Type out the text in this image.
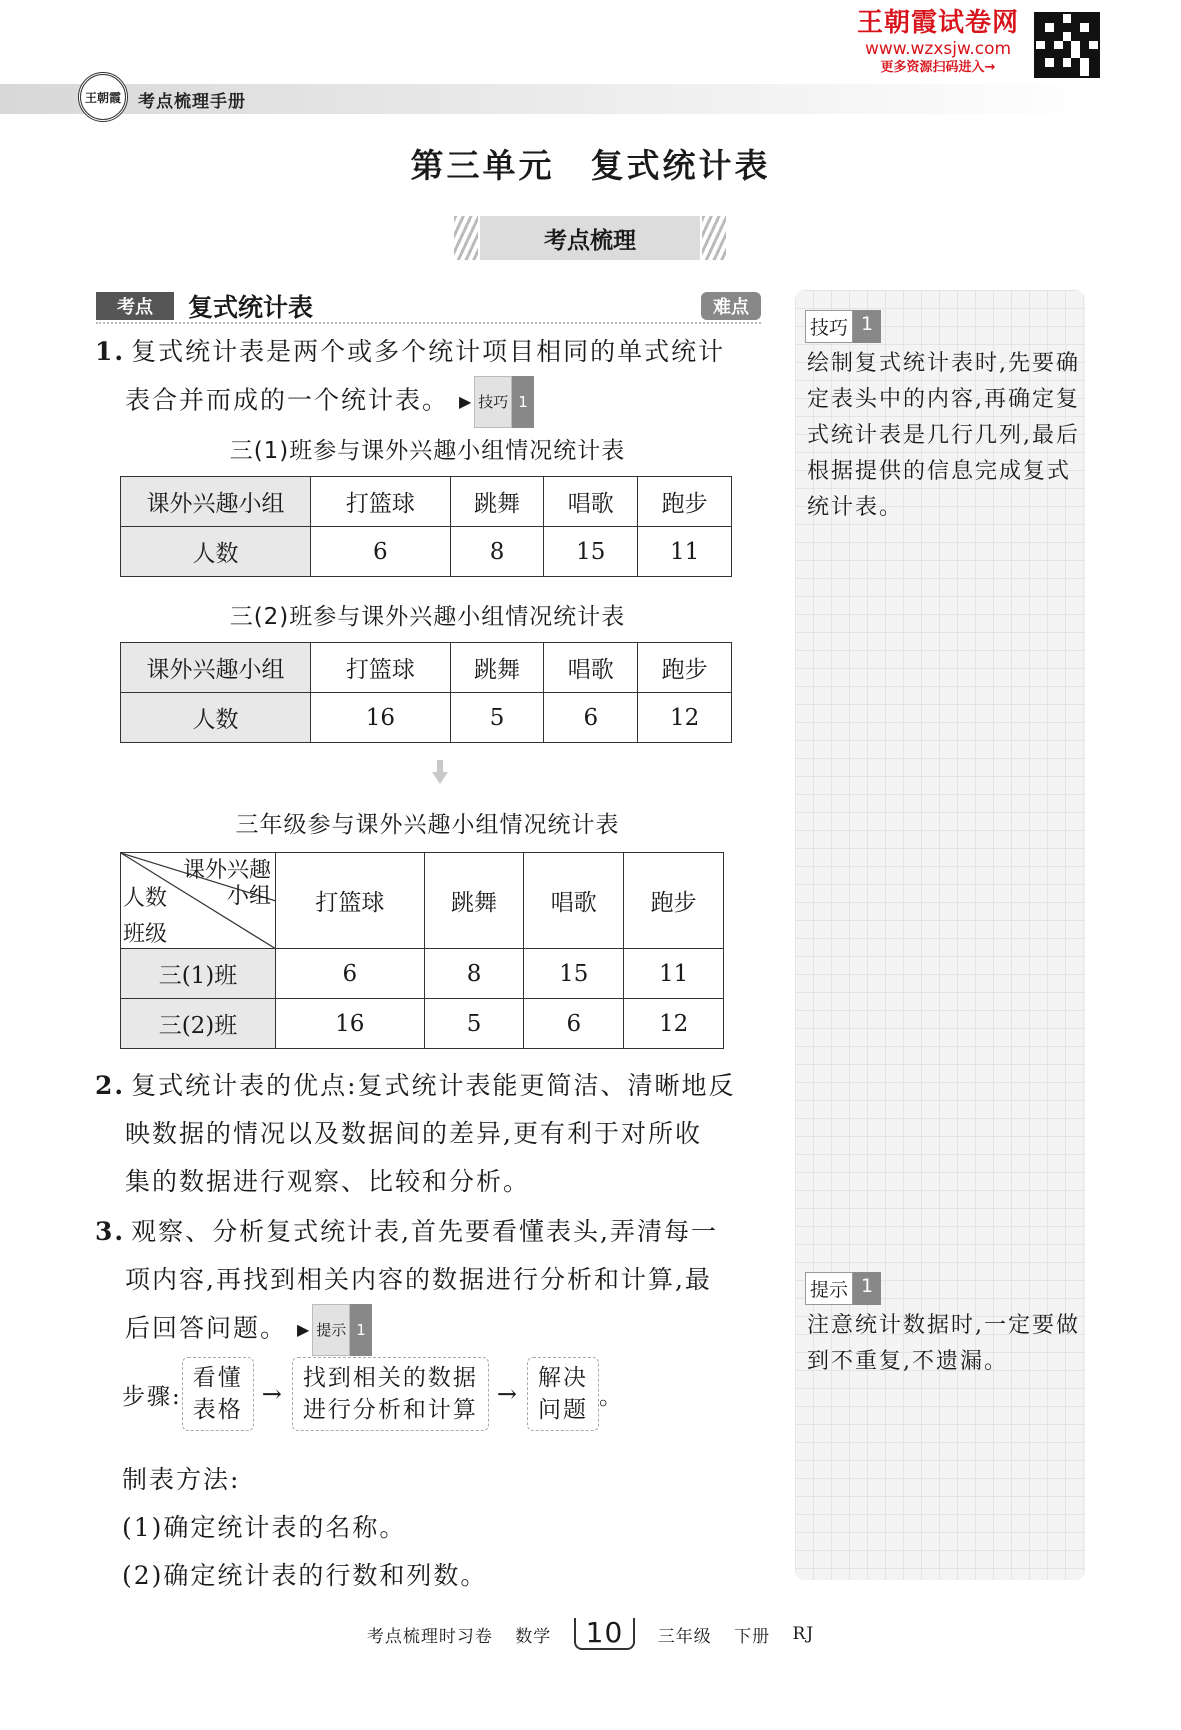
王朝霞 考点梳理手册
王朝霞试卷网
www.wzxsjw.com
更多资源扫码进入→
第三单元　复式统计表
考点梳理
考点	复式统计表	难点
1. 复式统计表是两个或多个统计项目相同的单式统计
表合并而成的一个统计表。 ▶ 技巧 1
三(1)班参与课外兴趣小组情况统计表
课外兴趣小组	打篮球	跳舞	唱歌	跑步
人数	6	8	15	11
三(2)班参与课外兴趣小组情况统计表
课外兴趣小组	打篮球	跳舞	唱歌	跑步
人数	16	5	6	12
三年级参与课外兴趣小组情况统计表
课外兴趣
小组
人数
班级	打篮球	跳舞	唱歌	跑步
三(1)班	6	8	15	11
三(2)班	16	5	6	12
2. 复式统计表的优点:复式统计表能更简洁、清晰地反
映数据的情况以及数据间的差异,更有利于对所收
集的数据进行观察、比较和分析。
3. 观察、分析复式统计表,首先要看懂表头,弄清每一
项内容,再找到相关内容的数据进行分析和计算,最
后回答问题。 ▶ 提示 1
步骤:
看懂
表格
→
找到相关的数据
进行分析和计算
→
解决
问题
。
制表方法:
(1)确定统计表的名称。
(2)确定统计表的行数和列数。
技巧 1
绘制复式统计表时,先要确定表头中的内容,再确定复式统计表是几行几列,最后根据提供的信息完成复式统计表。
提示 1
注意统计数据时,一定要做到不重复,不遗漏。
考点梳理时习卷 数学 10 三年级 下册 RJ
